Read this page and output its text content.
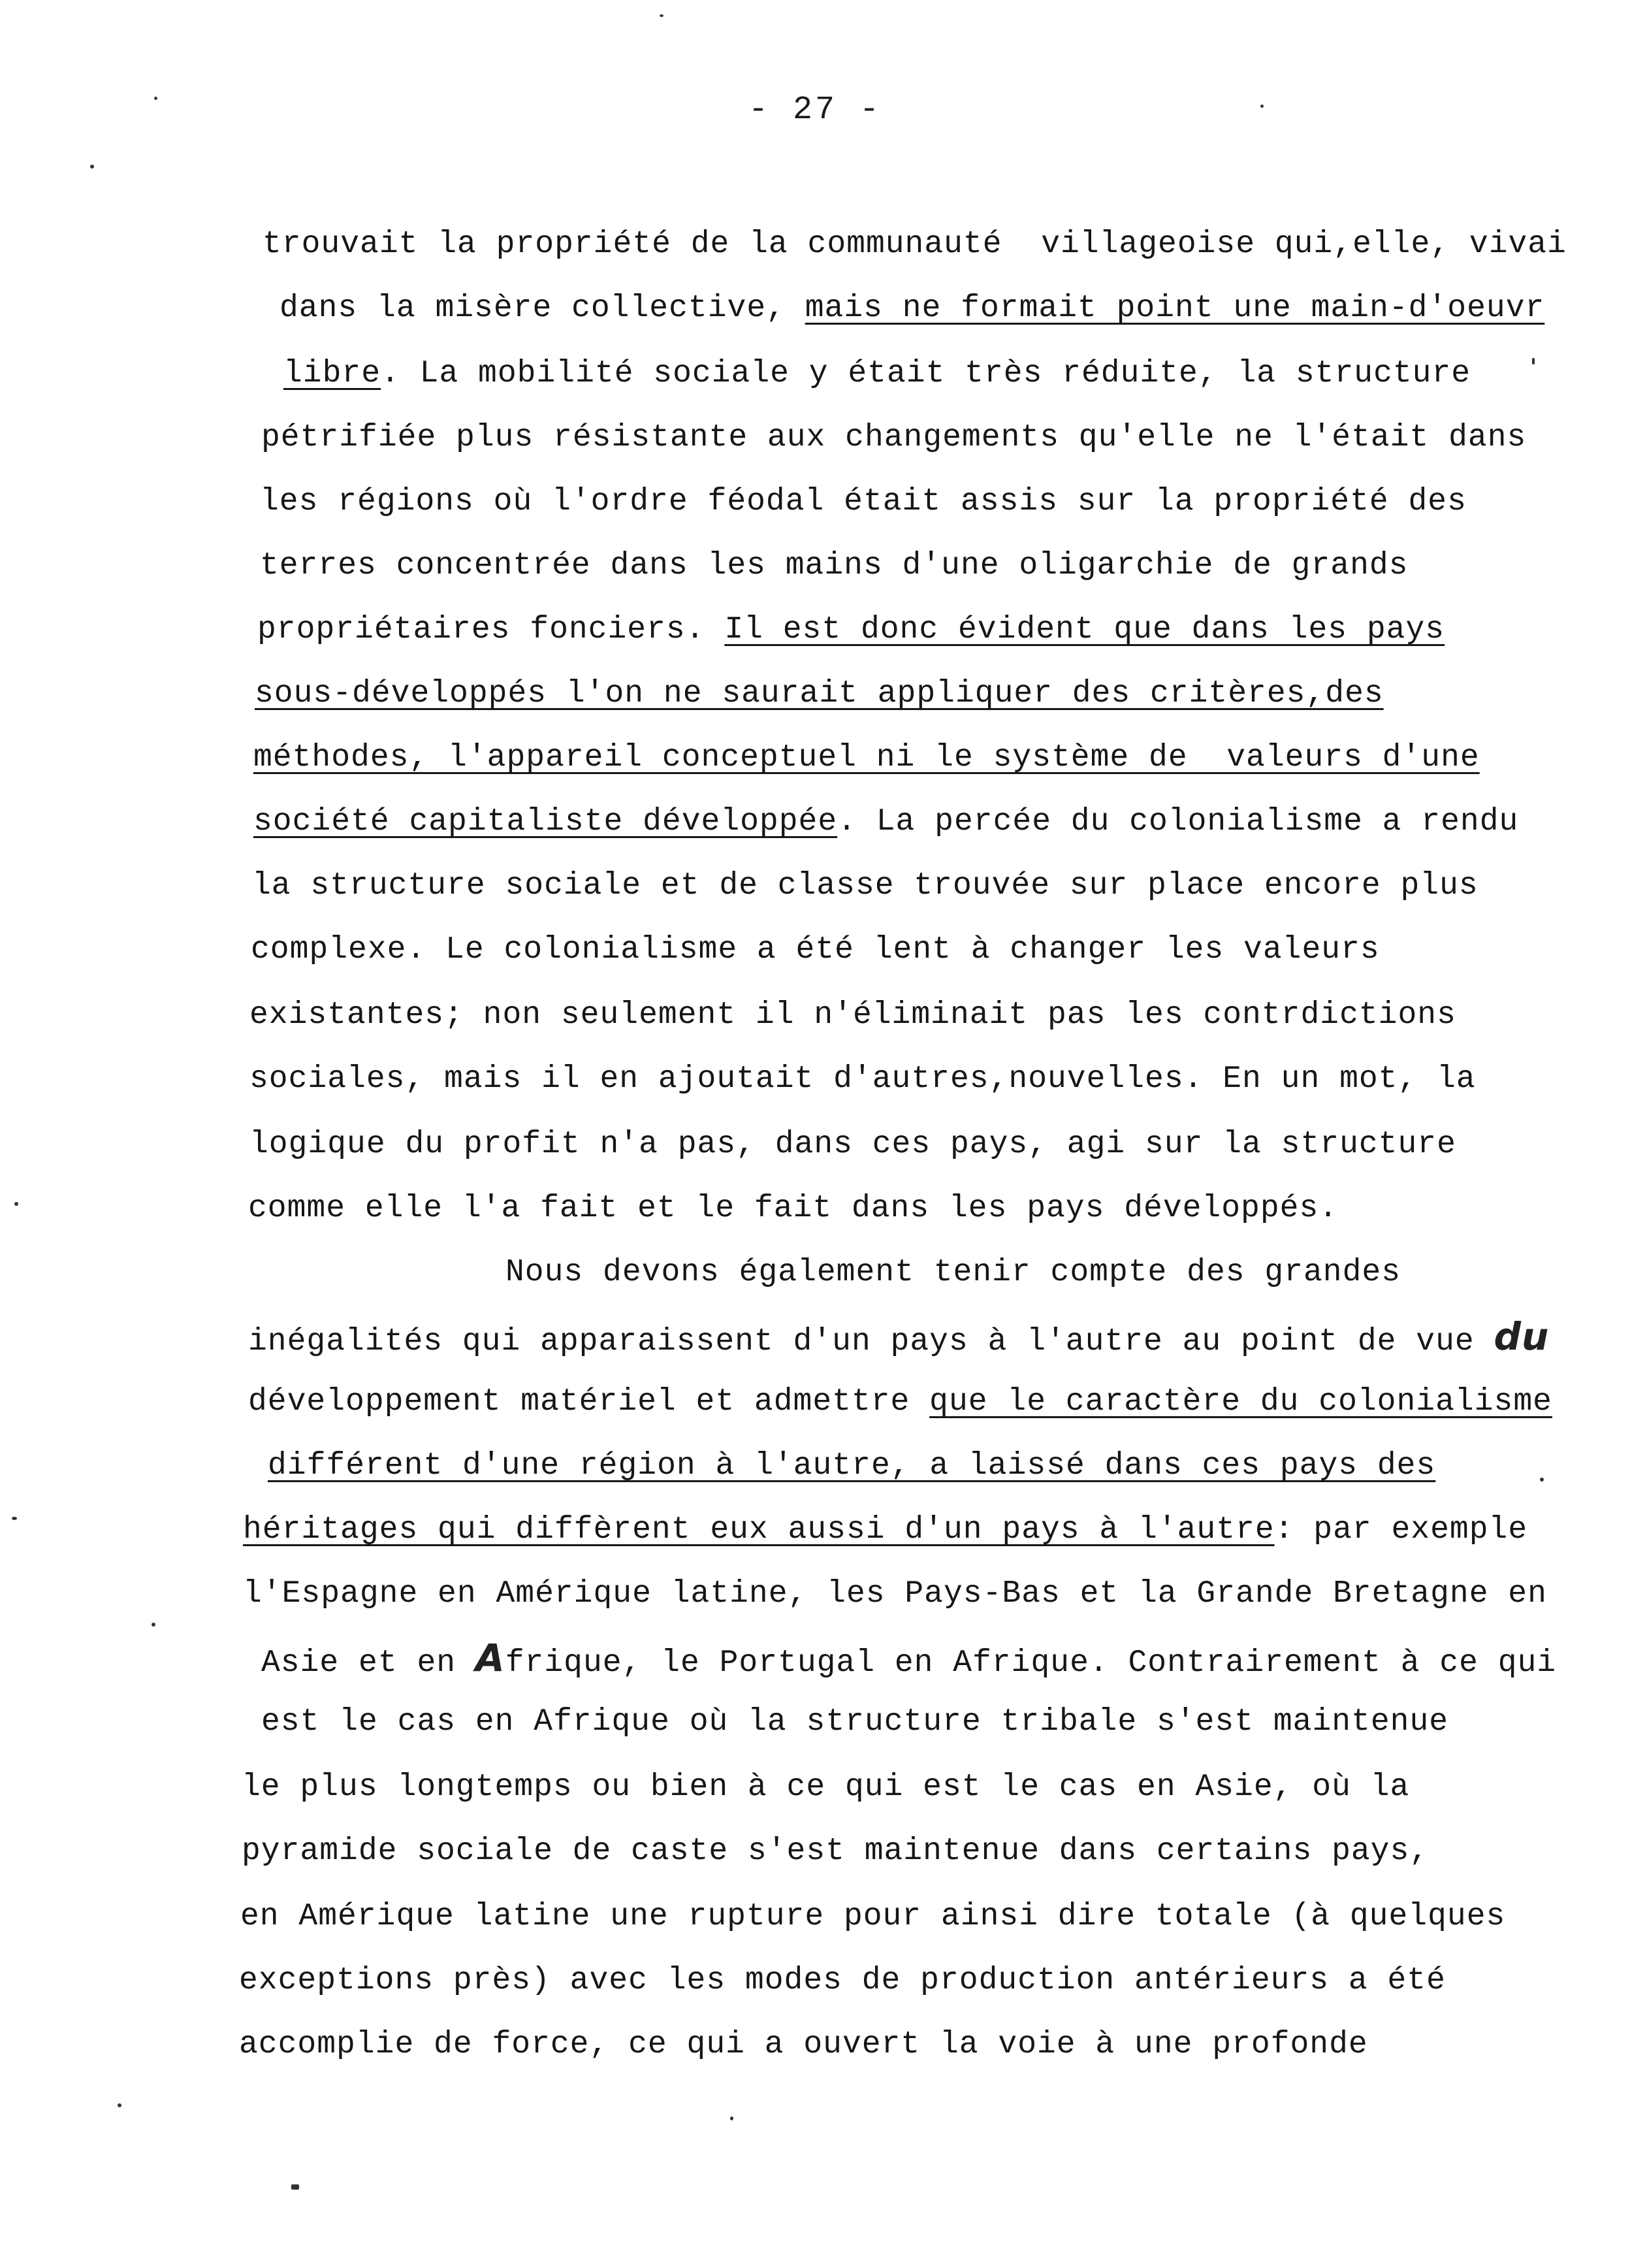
- 27 -
trouvait la propriété de la communauté  villageoise qui,elle, vivai
dans la misère collective, mais ne formait point une main-d'oeuvr
libre. La mobilité sociale y était très réduite, la structure
pétrifiée plus résistante aux changements qu'elle ne l'était dans
les régions où l'ordre féodal était assis sur la propriété des
terres concentrée dans les mains d'une oligarchie de grands
propriétaires fonciers. Il est donc évident que dans les pays
sous-développés l'on ne saurait appliquer des critères,des
méthodes, l'appareil conceptuel ni le système de  valeurs d'une
société capitaliste développée. La percée du colonialisme a rendu
la structure sociale et de classe trouvée sur place encore plus
complexe. Le colonialisme a été lent à changer les valeurs
existantes; non seulement il n'éliminait pas les contrdictions
sociales, mais il en ajoutait d'autres,nouvelles. En un mot, la
logique du profit n'a pas, dans ces pays, agi sur la structure
comme elle l'a fait et le fait dans les pays développés.
Nous devons également tenir compte des grandes
inégalités qui apparaissent d'un pays à l'autre au point de vue du
développement matériel et admettre que le caractère du colonialisme
différent d'une région à l'autre, a laissé dans ces pays des
héritages qui diffèrent eux aussi d'un pays à l'autre: par exemple
l'Espagne en Amérique latine, les Pays-Bas et la Grande Bretagne en
Asie et en Afrique, le Portugal en Afrique. Contrairement à ce qui
est le cas en Afrique où la structure tribale s'est maintenue
le plus longtemps ou bien à ce qui est le cas en Asie, où la
pyramide sociale de caste s'est maintenue dans certains pays,
en Amérique latine une rupture pour ainsi dire totale (à quelques
exceptions près) avec les modes de production antérieurs a été
accomplie de force, ce qui a ouvert la voie à une profonde
